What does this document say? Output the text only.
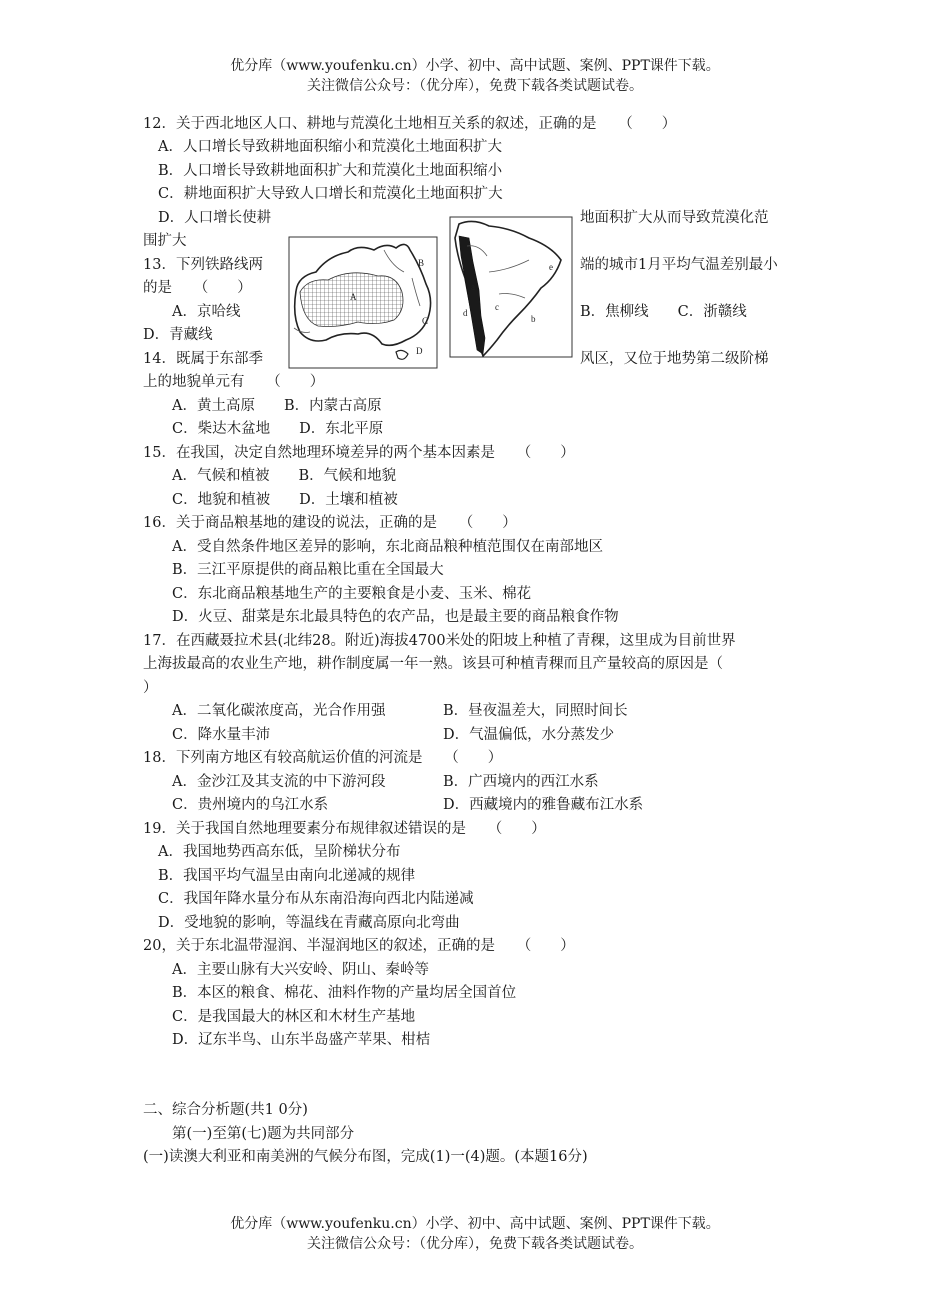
优分库（www.youfenku.cn）小学、初中、高中试题、案例、PPT课件下载。
关注微信公众号：（优分库），免费下载各类试题试卷。
12．关于西北地区人口、耕地与荒漠化土地相互关系的叙述，正确的是　　（　　）
A．人口增长导致耕地面积缩小和荒漠化土地面积扩大
B．人口增长导致耕地面积扩大和荒漠化土地面积缩小
C．耕地面积扩大导致人口增长和荒漠化土地面积扩大
D．人口增长使耕	地面积扩大从而导致荒漠化范
围扩大
13．下列铁路线两	端的城市1月平均气温差别最小
的是　　（　　）
A．京哈线	B．焦柳线　　C．浙赣线
D．青藏线
14．既属于东部季	风区，又位于地势第二级阶梯
上的地貌单元有　　（　　）
A．黄土高原　　B．内蒙古高原
C．柴达木盆地　　D．东北平原
15．在我国，决定自然地理环境差异的两个基本因素是　　（　　）
A．气候和植被　　B．气候和地貌
C．地貌和植被　　D．土壤和植被
16．关于商品粮基地的建设的说法，正确的是　　（　　）
A．受自然条件地区差异的影响，东北商品粮种植范围仅在南部地区
B．三江平原提供的商品粮比重在全国最大
C．东北商品粮基地生产的主要粮食是小麦、玉米、棉花
D．火豆、甜菜是东北最具特色的农产品，也是最主要的商品粮食作物
17．在西藏聂拉术县(北纬28。附近)海拔4700米处的阳坡上种植了青稞，这里成为目前世界
上海拔最高的农业生产地，耕作制度属一年一熟。该县可种植青稞而且产量较高的原因是（
）
A．二氧化碳浓度高，光合作用强	B．昼夜温差大，同照时间长
C．降水量丰沛	D．气温偏低，水分蒸发少
18．下列南方地区有较高航运价值的河流是　　（　　）
A．金沙江及其支流的中下游河段	B．广西境内的西江水系
C．贵州境内的乌江水系	D．西藏境内的雅鲁藏布江水系
19．关于我国自然地理要素分布规律叙述错误的是　　（　　）
A．我国地势西高东低，呈阶梯状分布
B．我国平均气温呈由南向北递减的规律
C．我国年降水量分布从东南沿海向西北内陆递减
D．受地貌的影响，等温线在青藏高原向北弯曲
20，关于东北温带湿润、半湿润地区的叙述，正确的是　　（　　）
A．主要山脉有大兴安岭、阴山、秦岭等
B．本区的粮食、棉花、油料作物的产量均居全国首位
C．是我国最大的林区和木材生产基地
D．辽东半鸟、山东半岛盛产苹果、柑桔
二、综合分析题(共1 0分)
第(一)至第(七)题为共同部分
(一)读澳大利亚和南美洲的气候分布图，完成(1)一(4)题。(本题16分)
优分库（www.youfenku.cn）小学、初中、高中试题、案例、PPT课件下载。
关注微信公众号：（优分库），免费下载各类试题试卷。
A
B
C
D
a
b
c
d
e
